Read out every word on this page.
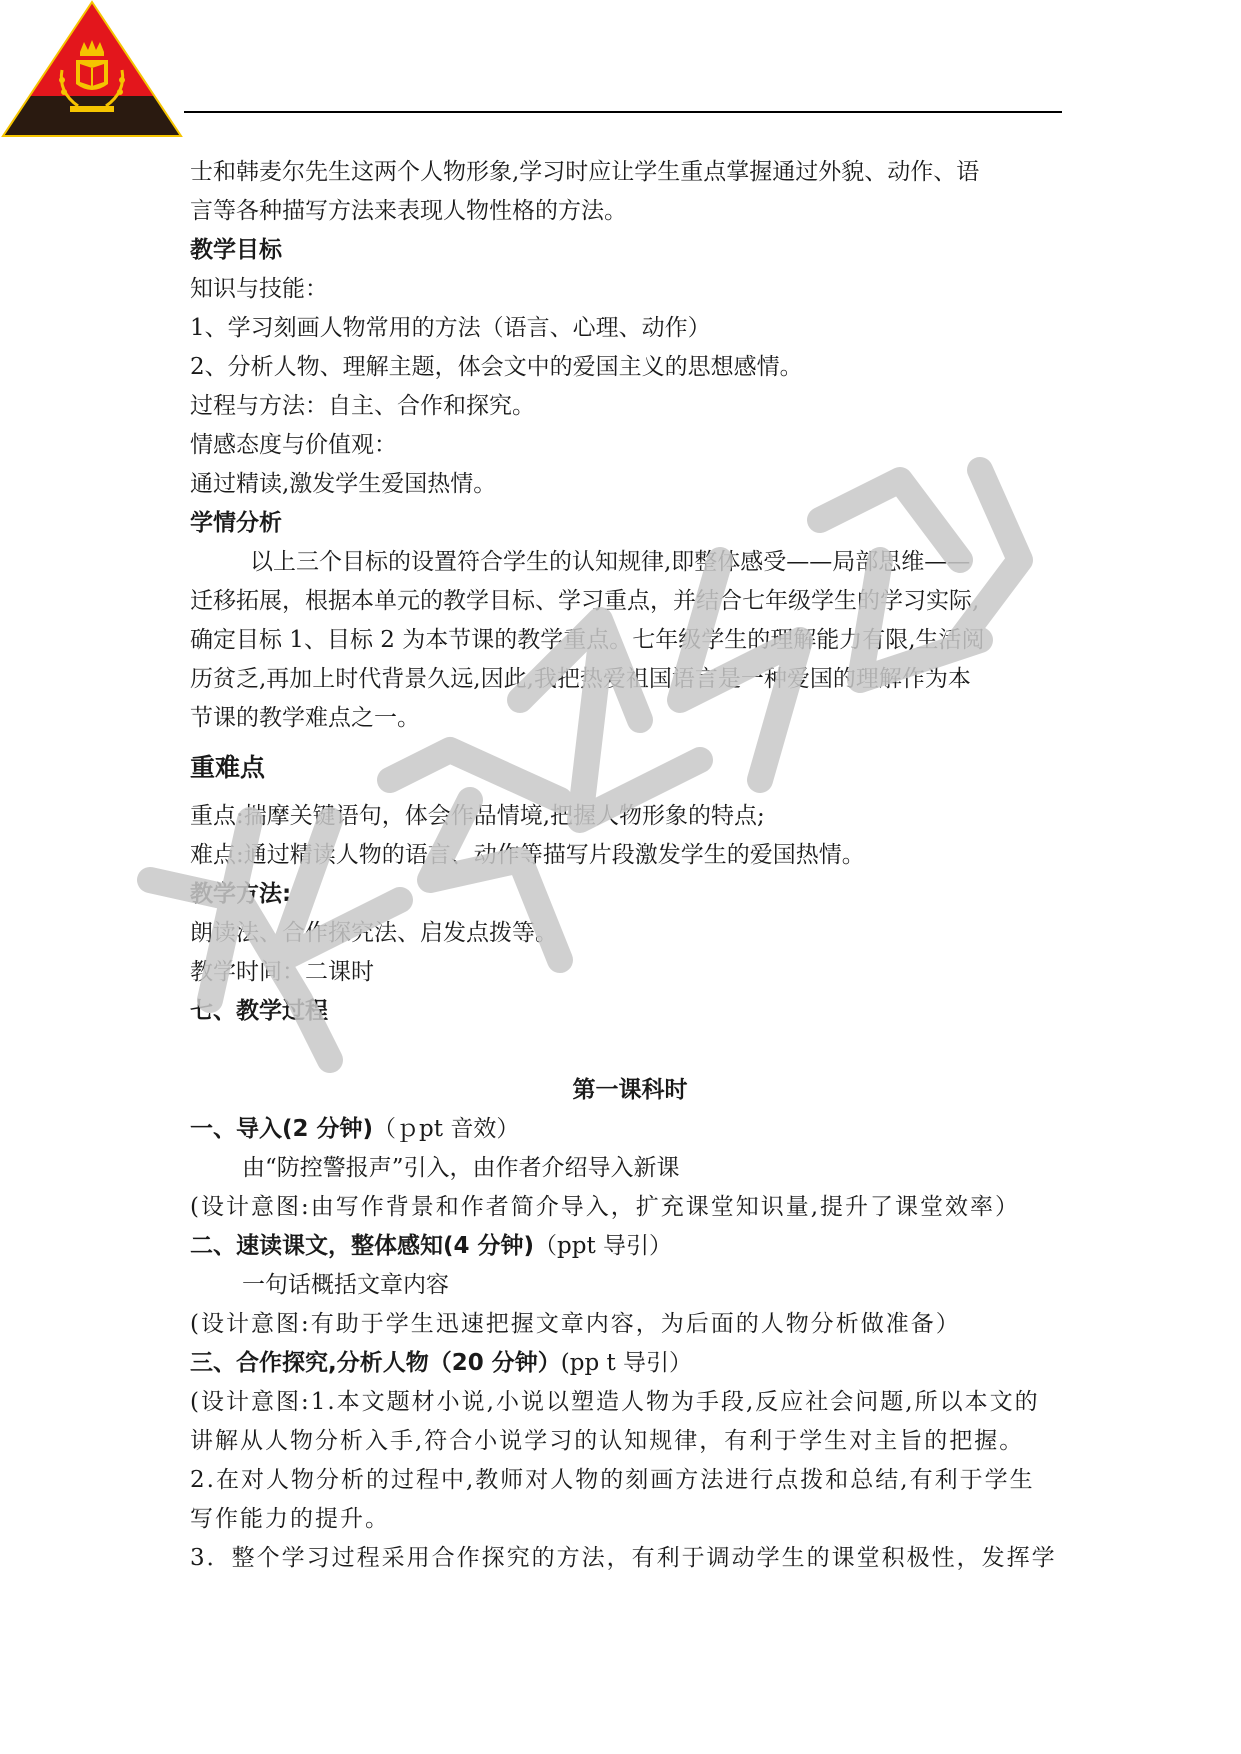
士和韩麦尔先生这两个人物形象,学习时应让学生重点掌握通过外貌、动作、语
言等各种描写方法来表现人物性格的方法。
教学目标
知识与技能：
1、学习刻画人物常用的方法（语言、心理、动作）
2、分析人物、理解主题，体会文中的爱国主义的思想感情。
过程与方法：自主、合作和探究。
情感态度与价值观：
通过精读,激发学生爱国热情。
学情分析
以上三个目标的设置符合学生的认知规律,即整体感受——局部思维——
迁移拓展，根据本单元的教学目标、学习重点，并结合七年级学生的学习实际,
确定目标 1、目标 2 为本节课的教学重点。七年级学生的理解能力有限,生活阅
历贫乏,再加上时代背景久远,因此,我把热爱祖国语言是一种爱国的理解作为本
节课的教学难点之一。
重难点
重点:揣摩关键语句，体会作品情境,把握人物形象的特点;
难点:通过精读人物的语言、动作等描写片段激发学生的爱国热情。
教学方法:
朗读法、合作探究法、启发点拨等。
教学时间：二课时
七、教学过程
第一课科时
一、导入(2 分钟)（ｐpt 音效）
由“防控警报声”引入，由作者介绍导入新课
(设计意图:由写作背景和作者简介导入，扩充课堂知识量,提升了课堂效率）
二、速读课文，整体感知(4 分钟)（ppt 导引）
一句话概括文章内容
(设计意图:有助于学生迅速把握文章内容，为后面的人物分析做准备）
三、合作探究,分析人物（20 分钟）(pp t 导引）
(设计意图:1.本文题材小说,小说以塑造人物为手段,反应社会问题,所以本文的
讲解从人物分析入手,符合小说学习的认知规律，有利于学生对主旨的把握。
2.在对人物分析的过程中,教师对人物的刻画方法进行点拨和总结,有利于学生
写作能力的提升。
3．整个学习过程采用合作探究的方法，有利于调动学生的课堂积极性，发挥学
